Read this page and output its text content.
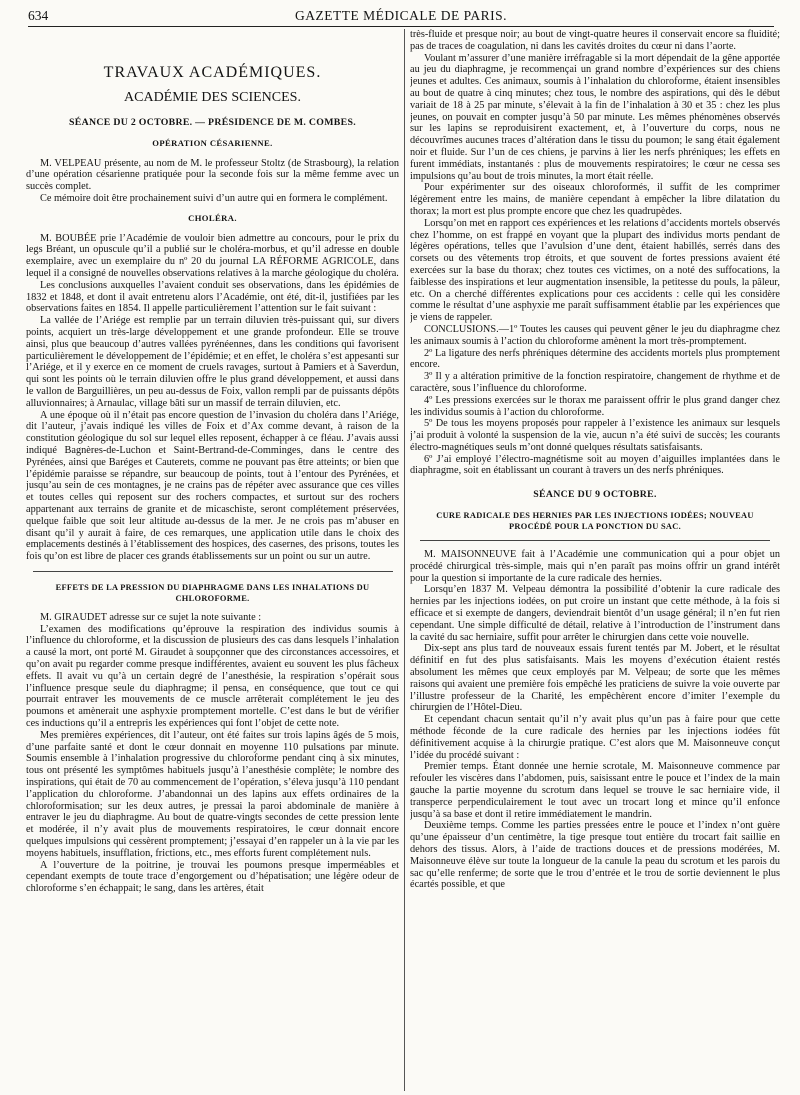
634	GAZETTE MÉDICALE DE PARIS.
TRAVAUX ACADÉMIQUES.
ACADÉMIE DES SCIENCES.
SÉANCE DU 2 OCTOBRE. — PRÉSIDENCE DE M. COMBES.
OPÉRATION CÉSARIENNE.

M. VELPEAU présente, au nom de M. le professeur Stoltz (de Strasbourg), la relation d’une opération césarienne pratiquée pour la seconde fois sur la même femme avec un succès complet.

Ce mémoire doit être prochainement suivi d’un autre qui en formera le complément.

CHOLÉRA.

M. BOUBÉE prie l’Académie de vouloir bien admettre au concours, pour le prix du legs Bréant, un opuscule qu’il a publié sur le choléra-morbus, et qu’il adresse en double exemplaire, avec un exemplaire du nº 20 du journal LA RÉFORME AGRICOLE, dans lequel il a consigné de nouvelles observations relatives à la marche géologique du choléra.

Les conclusions auxquelles l’avaient conduit ses observations, dans les épidémies de 1832 et 1848, et dont il avait entretenu alors l’Académie, ont été, dit-il, justifiées par les observations faites en 1854. Il appelle particulièrement l’attention sur le fait suivant :

La vallée de l’Ariége est remplie par un terrain diluvien très-puissant qui, sur divers points, acquiert un très-large développement et une grande profondeur. Elle se trouve ainsi, plus que beaucoup d’autres vallées pyrénéennes, dans les conditions qui favorisent particulièrement le développement de l’épidémie; et en effet, le choléra s’est appesanti sur l’Ariége, et il y exerce en ce moment de cruels ravages, surtout à Pamiers et à Saverdun, qui sont les points où le terrain diluvien offre le plus grand développement, et aussi dans le vallon de Barguillières, un peu au-dessus de Foix, vallon rempli par de puissants dépôts alluvionnaires; à Arnaulac, village bâti sur un massif de terrain diluvien, etc.

A une époque où il n’était pas encore question de l’invasion du choléra dans l’Ariége, dit l’auteur, j’avais indiqué les villes de Foix et d’Ax comme devant, à raison de la constitution géologique du sol sur lequel elles reposent, échapper à ce fléau. J’avais aussi indiqué Bagnères-de-Luchon et Saint-Bertrand-de-Comminges, dans le centre des Pyrénées, ainsi que Baréges et Cauterets, comme ne pouvant pas être atteints; or bien que l’épidémie paraisse se répandre, sur beaucoup de points, tout à l’entour des Pyrénées, et jusqu’au sein de ces montagnes, je ne crains pas de répéter avec assurance que ces villes et toutes celles qui reposent sur des rochers compactes, et surtout sur des rochers appartenant aux terrains de granite et de micaschiste, seront complétement préservées, quelque faible que soit leur altitude au-dessus de la mer. Je ne crois pas m’abuser en disant qu’il y aurait à faire, de ces remarques, une application utile dans le choix des emplacements destinés à l’établissement des hospices, des casernes, des prisons, toutes les fois qu’on est libre de placer ces grands établissements sur un point ou sur un autre.

EFFETS DE LA PRESSION DU DIAPHRAGME DANS LES INHALATIONS DU CHLOROFORME.

M. GIRAUDET adresse sur ce sujet la note suivante :

L’examen des modifications qu’éprouve la respiration des individus soumis à l’influence du chloroforme, et la discussion de plusieurs des cas dans lesquels l’inhalation a causé la mort, ont porté M. Giraudet à soupçonner que des circonstances accessoires, et qu’on avait pu regarder comme presque indifférentes, avaient eu souvent les plus fâcheux effets. Il avait vu qu’à un certain degré de l’anesthésie, la respiration s’opérait sous l’influence presque seule du diaphragme; il pensa, en conséquence, que tout ce qui pourrait entraver les mouvements de ce muscle arrêterait complétement le jeu des poumons et amènerait une asphyxie promptement mortelle. C’est dans le but de vérifier ces inductions qu’il a entrepris les expériences qui font l’objet de cette note.

Mes premières expériences, dit l’auteur, ont été faites sur trois lapins âgés de 5 mois, d’une parfaite santé et dont le cœur donnait en moyenne 110 pulsations par minute. Soumis ensemble à l’inhalation progressive du chloroforme pendant cinq à six minutes, tous ont présenté les symptômes habituels jusqu’à l’anesthésie complète; le nombre des inspirations, qui était de 70 au commencement de l’opération, s’éleva jusqu’à 110 pendant l’application du chloroforme. J’abandonnai un des lapins aux effets ordinaires de la chloroformisation; sur les deux autres, je pressai la paroi abdominale de manière à entraver le jeu du diaphragme. Au bout de quatre-vingts secondes de cette pression lente et modérée, il n’y avait plus de mouvements respiratoires, le cœur donnait encore quelques impulsions qui cessèrent promptement; j’essayai d’en rappeler un à la vie par les moyens habituels, insufflation, frictions, etc., mes efforts furent complétement nuls.

A l’ouverture de la poitrine, je trouvai les poumons presque imperméables et cependant exempts de toute trace d’engorgement ou d’hépatisation; une légère odeur de chloroforme s’en échappait; le sang, dans les artères, était

très-fluide et presque noir; au bout de vingt-quatre heures il conservait encore sa fluidité; pas de traces de coagulation, ni dans les cavités droites du cœur ni dans l’aorte.

Voulant m’assurer d’une manière irréfragable si la mort dépendait de la gêne apportée au jeu du diaphragme, je recommençai un grand nombre d’expériences sur des chiens jeunes et adultes. Ces animaux, soumis à l’inhalation du chloroforme, étaient insensibles au bout de quatre à cinq minutes; chez tous, le nombre des aspirations, qui dès le début variait de 18 à 25 par minute, s’élevait à la fin de l’inhalation à 30 et 35 : chez les plus jeunes, on pouvait en compter jusqu’à 50 par minute. Les mêmes phénomènes observés sur les lapins se reproduisirent exactement, et, à l’ouverture du corps, nous ne découvrîmes aucunes traces d’altération dans le tissu du poumon; le sang était également noir et fluide. Sur l’un de ces chiens, je parvins à lier les nerfs phréniques; les effets en furent immédiats, instantanés : plus de mouvements respiratoires; le cœur ne cessa ses impulsions qu’au bout de trois minutes, la mort était réelle.

Pour expérimenter sur des oiseaux chloroformés, il suffit de les comprimer légèrement entre les mains, de manière cependant à empêcher la libre dilatation du thorax; la mort est plus prompte encore que chez les quadrupèdes.

Lorsqu’on met en rapport ces expériences et les relations d’accidents mortels observés chez l’homme, on est frappé en voyant que la plupart des individus morts pendant de légères opérations, telles que l’avulsion d’une dent, étaient habillés, serrés dans des corsets ou des vêtements trop étroits, et que souvent de fortes pressions avaient été exercées sur la base du thorax; chez toutes ces victimes, on a noté des suffocations, la faiblesse des inspirations et leur augmentation insensible, la petitesse du pouls, la pâleur, etc. On a cherché différentes explications pour ces accidents : celle qui les considère comme le résultat d’une asphyxie me paraît suffisamment établie par les expériences que je viens de rappeler.

CONCLUSIONS.—1º Toutes les causes qui peuvent gêner le jeu du diaphragme chez les animaux soumis à l’action du chloroforme amènent la mort très-promptement.

2º La ligature des nerfs phréniques détermine des accidents mortels plus promptement encore.

3º Il y a altération primitive de la fonction respiratoire, changement de rhythme et de caractère, sous l’influence du chloroforme.

4º Les pressions exercées sur le thorax me paraissent offrir le plus grand danger chez les individus soumis à l’action du chloroforme.

5º De tous les moyens proposés pour rappeler à l’existence les animaux sur lesquels j’ai produit à volonté la suspension de la vie, aucun n’a été suivi de succès; les courants électro-magnétiques seuls m’ont donné quelques résultats satisfaisants.

6º J’ai employé l’électro-magnétisme soit au moyen d’aiguilles implantées dans le diaphragme, soit en établissant un courant à travers un des nerfs phréniques.

SÉANCE DU 9 OCTOBRE.
CURE RADICALE DES HERNIES PAR LES INJECTIONS IODÉES; NOUVEAU PROCÉDÉ POUR LA PONCTION DU SAC.

M. MAISONNEUVE fait à l’Académie une communication qui a pour objet un procédé chirurgical très-simple, mais qui n’en paraît pas moins offrir un grand intérêt pour la question si importante de la cure radicale des hernies.

Lorsqu’en 1837 M. Velpeau démontra la possibilité d’obtenir la cure radicale des hernies par les injections iodées, on put croire un instant que cette méthode, à la fois si efficace et si exempte de dangers, deviendrait bientôt d’un usage général; il n’en fut rien cependant. Une simple difficulté de détail, relative à l’introduction de l’instrument dans la cavité du sac herniaire, suffit pour arrêter le chirurgien dans cette voie nouvelle.

Dix-sept ans plus tard de nouveaux essais furent tentés par M. Jobert, et le résultat définitif en fut des plus satisfaisants. Mais les moyens d’exécution étaient restés absolument les mêmes que ceux employés par M. Velpeau; de sorte que les mêmes raisons qui avaient une première fois empêché les praticiens de suivre la voie ouverte par l’illustre professeur de la Charité, les empêchèrent encore d’imiter l’exemple du chirurgien de l’Hôtel-Dieu.

Et cependant chacun sentait qu’il n’y avait plus qu’un pas à faire pour que cette méthode féconde de la cure radicale des hernies par les injections iodées fût définitivement acquise à la chirurgie pratique. C’est alors que M. Maisonneuve conçut l’idée du procédé suivant :

Premier temps. Étant donnée une hernie scrotale, M. Maisonneuve commence par refouler les viscères dans l’abdomen, puis, saisissant entre le pouce et l’index de la main gauche la partie moyenne du scrotum dans lequel se trouve le sac herniaire vide, il transperce perpendiculairement le tout avec un trocart long et mince qu’il enfonce jusqu’à sa base et dont il retire immédiatement le mandrin.

Deuxième temps. Comme les parties pressées entre le pouce et l’index n’ont guère qu’une épaisseur d’un centimètre, la tige presque tout entière du trocart fait saillie en dehors des tissus. Alors, à l’aide de tractions douces et de pressions modérées, M. Maisonneuve élève sur toute la longueur de la canule la peau du scrotum et les parois du sac qu’elle renferme; de sorte que le trou d’entrée et le trou de sortie deviennent le plus écartés possible, et que
